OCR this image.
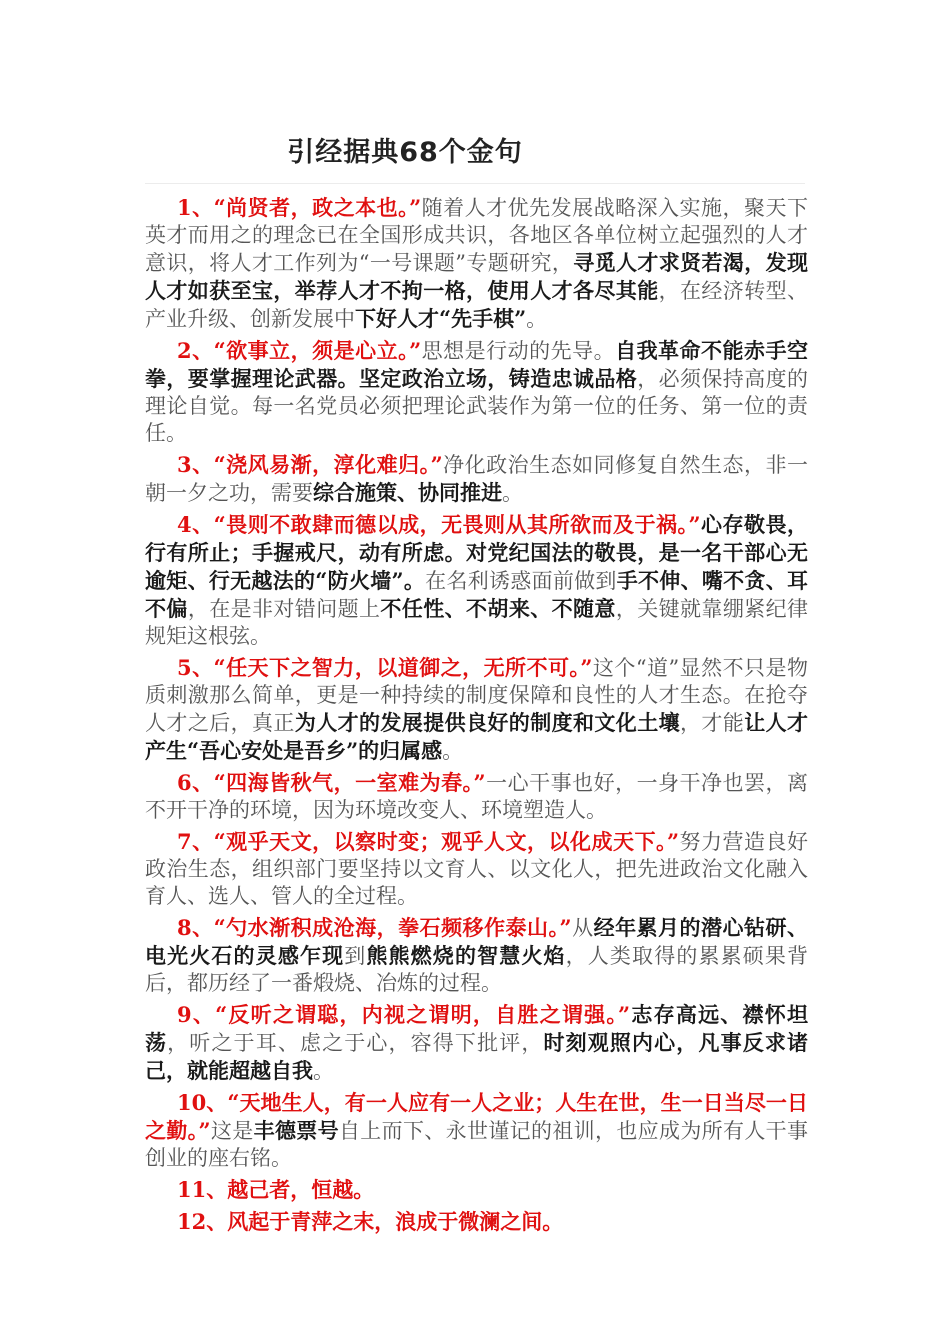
引经据典68个金句

1、“尚贤者，政之本也。”随着人才优先发展战略深入实施，聚天下英才而用之的理念已在全国形成共识，各地区各单位树立起强烈的人才意识，将人才工作列为“一号课题”专题研究，寻觅人才求贤若渴，发现人才如获至宝，举荐人才不拘一格，使用人才各尽其能，在经济转型、产业升级、创新发展中下好人才“先手棋”。

2、“欲事立，须是心立。”思想是行动的先导。自我革命不能赤手空拳，要掌握理论武器。坚定政治立场，铸造忠诚品格，必须保持高度的理论自觉。每一名党员必须把理论武装作为第一位的任务、第一位的责任。

3、“浇风易渐，淳化难归。”净化政治生态如同修复自然生态，非一朝一夕之功，需要综合施策、协同推进。

4、“畏则不敢肆而德以成，无畏则从其所欲而及于祸。”心存敬畏，行有所止；手握戒尺，动有所虑。对党纪国法的敬畏，是一名干部心无逾矩、行无越法的“防火墙”。在名利诱惑面前做到手不伸、嘴不贪、耳不偏，在是非对错问题上不任性、不胡来、不随意，关键就靠绷紧纪律规矩这根弦。

5、“任天下之智力，以道御之，无所不可。”这个“道”显然不只是物质刺激那么简单，更是一种持续的制度保障和良性的人才生态。在抢夺人才之后，真正为人才的发展提供良好的制度和文化土壤，才能让人才产生“吾心安处是吾乡”的归属感。

6、“四海皆秋气，一室难为春。”一心干事也好，一身干净也罢，离不开干净的环境，因为环境改变人、环境塑造人。

7、“观乎天文，以察时变；观乎人文，以化成天下。”努力营造良好政治生态，组织部门要坚持以文育人、以文化人，把先进政治文化融入育人、选人、管人的全过程。

8、“勺水渐积成沧海，拳石频移作泰山。”从经年累月的潜心钻研、电光火石的灵感乍现到熊熊燃烧的智慧火焰，人类取得的累累硕果背后，都历经了一番煅烧、冶炼的过程。

9、“反听之谓聪，内视之谓明，自胜之谓强。”志存高远、襟怀坦荡，听之于耳、虑之于心，容得下批评，时刻观照内心，凡事反求诸己，就能超越自我。

10、“天地生人，有一人应有一人之业；人生在世，生一日当尽一日之勤。”这是丰德票号自上而下、永世谨记的祖训，也应成为所有人干事创业的座右铭。

11、越己者，恒越。

12、风起于青萍之末，浪成于微澜之间。
